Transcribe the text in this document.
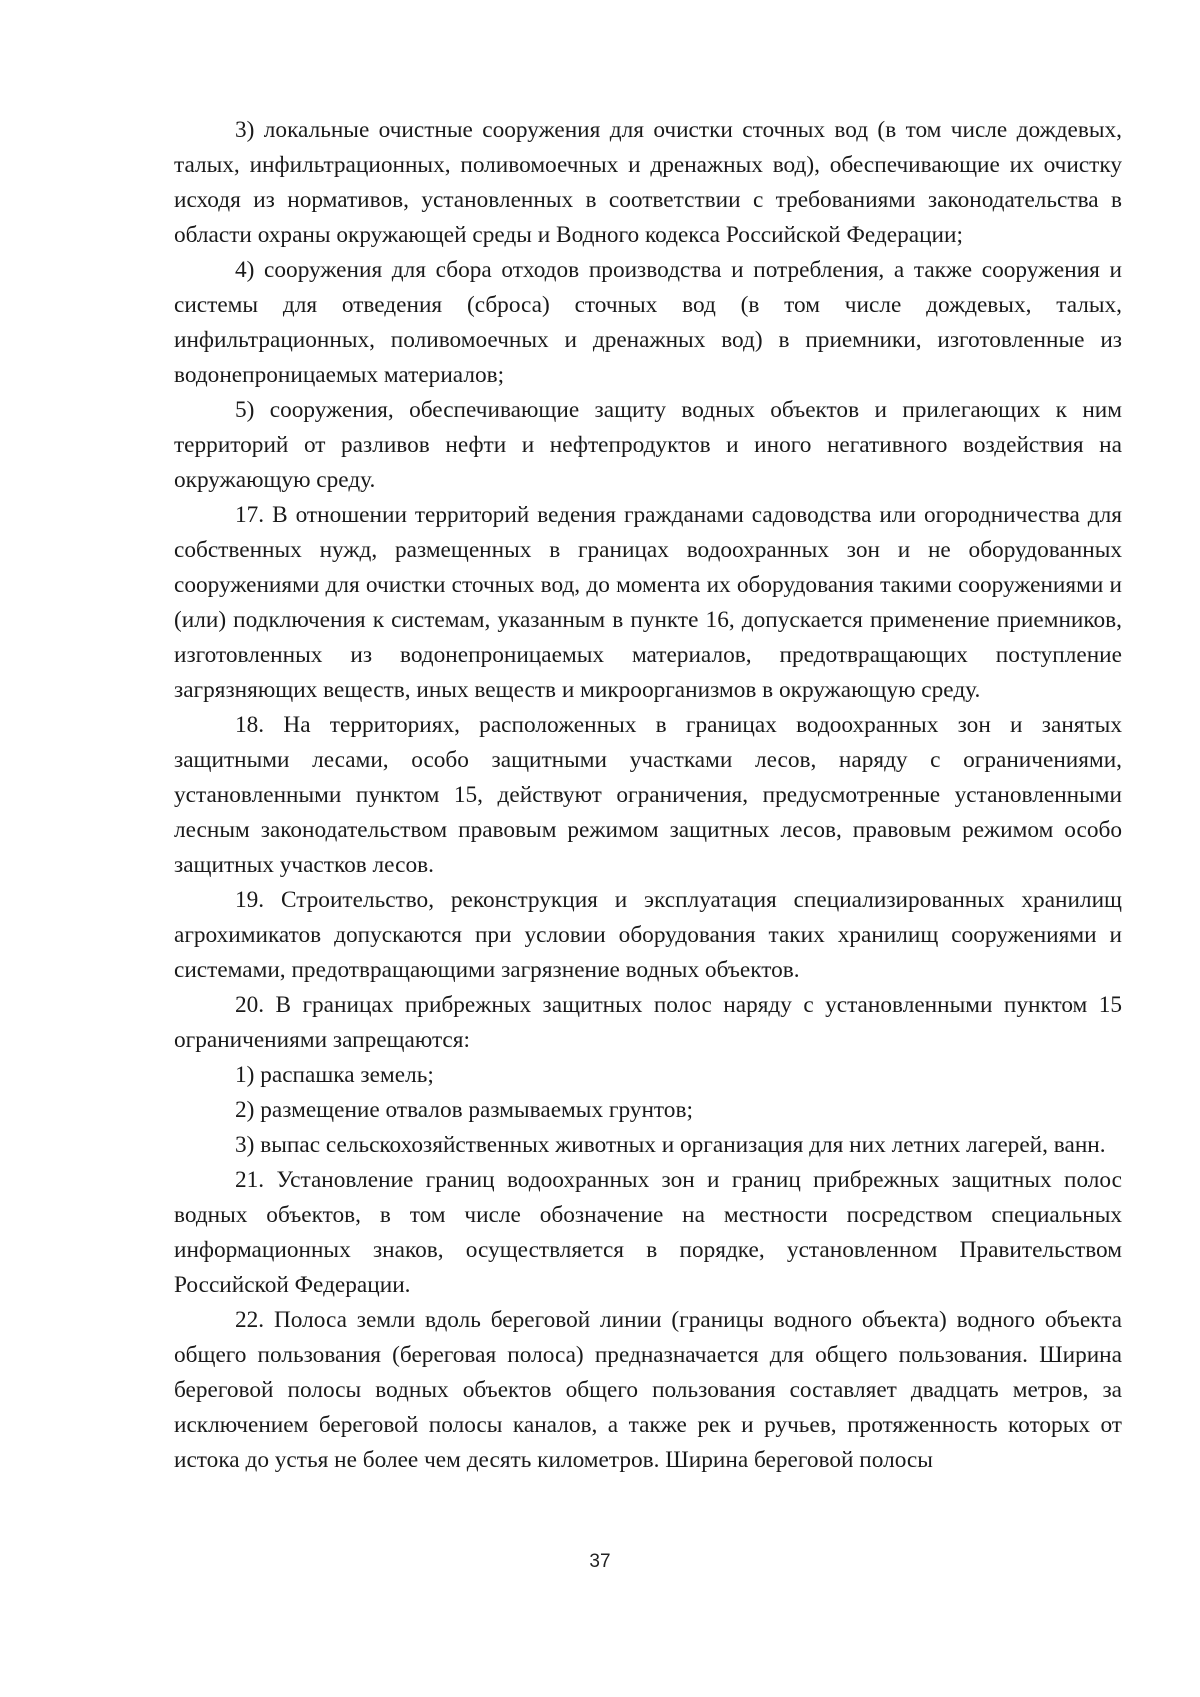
3) локальные очистные сооружения для очистки сточных вод (в том числе дождевых, талых, инфильтрационных, поливомоечных и дренажных вод), обеспечивающие их очистку исходя из нормативов, установленных в соответствии с требованиями законодательства в области охраны окружающей среды и Водного кодекса Российской Федерации;

4) сооружения для сбора отходов производства и потребления, а также сооружения и системы для отведения (сброса) сточных вод (в том числе дождевых, талых, инфильтрационных, поливомоечных и дренажных вод) в приемники, изготовленные из водонепроницаемых материалов;

5) сооружения, обеспечивающие защиту водных объектов и прилегающих к ним территорий от разливов нефти и нефтепродуктов и иного негативного воздействия на окружающую среду.

17. В отношении территорий ведения гражданами садоводства или огородничества для собственных нужд, размещенных в границах водоохранных зон и не оборудованных сооружениями для очистки сточных вод, до момента их оборудования такими сооружениями и (или) подключения к системам, указанным в пункте 16, допускается применение приемников, изготовленных из водонепроницаемых материалов, предотвращающих поступление загрязняющих веществ, иных веществ и микроорганизмов в окружающую среду.

18. На территориях, расположенных в границах водоохранных зон и занятых защитными лесами, особо защитными участками лесов, наряду с ограничениями, установленными пунктом 15, действуют ограничения, предусмотренные установленными лесным законодательством правовым режимом защитных лесов, правовым режимом особо защитных участков лесов.

19. Строительство, реконструкция и эксплуатация специализированных хранилищ агрохимикатов допускаются при условии оборудования таких хранилищ сооружениями и системами, предотвращающими загрязнение водных объектов.

20. В границах прибрежных защитных полос наряду с установленными пунктом 15 ограничениями запрещаются:

1) распашка земель;

2) размещение отвалов размываемых грунтов;

3) выпас сельскохозяйственных животных и организация для них летних лагерей, ванн.

21. Установление границ водоохранных зон и границ прибрежных защитных полос водных объектов, в том числе обозначение на местности посредством специальных информационных знаков, осуществляется в порядке, установленном Правительством Российской Федерации.

22. Полоса земли вдоль береговой линии (границы водного объекта) водного объекта общего пользования (береговая полоса) предназначается для общего пользования. Ширина береговой полосы водных объектов общего пользования составляет двадцать метров, за исключением береговой полосы каналов, а также рек и ручьев, протяженность которых от истока до устья не более чем десять километров. Ширина береговой полосы

37
